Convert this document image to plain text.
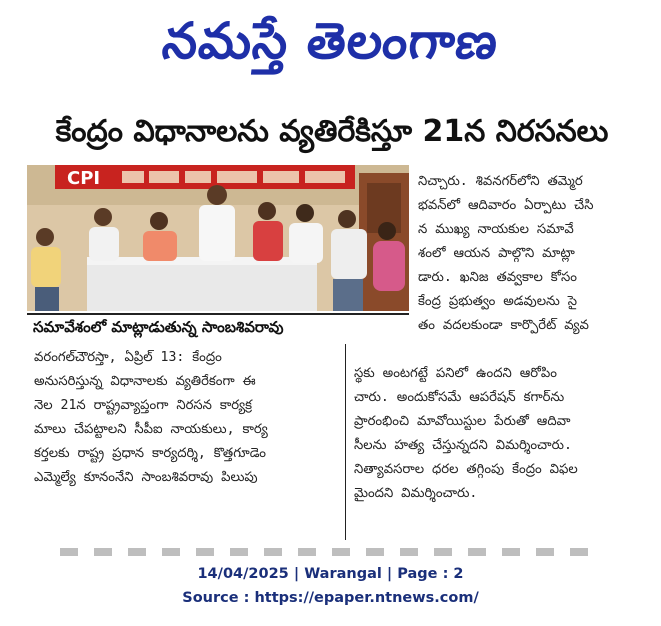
నమస్తే తెలంగాణ
కేంద్రం విధానాలను వ్యతిరేకిస్తూ 21న నిరసనలు
CPI
సమావేశంలో మాట్లాడుతున్న సాంబశివరావు
నిచ్చారు. శివనగర్‌లోని తమ్మెర
భవన్‌లో ఆదివారం ఏర్పాటు చేసి
న ముఖ్య నాయకుల సమావే
శంలో ఆయన పాల్గొని మాట్లా
డారు. ఖనిజ తవ్వకాల కోసం
కేంద్ర ప్రభుత్వం అడవులను సై
తం వదలకుండా కార్పొరేట్ వ్యవ
స్థకు అంటగట్టే పనిలో ఉందని ఆరోపిం
చారు. అందుకోసమే ఆపరేషన్ కగార్‌ను
ప్రారంభించి మావోయిస్టుల పేరుతో ఆదివా
సీలను హత్య చేస్తున్నదని విమర్శించారు.
నిత్యావసరాల ధరల తగ్గింపు కేంద్రం విఫల
మైందని విమర్శించారు.
వరంగల్‌చౌరస్తా, ఏప్రిల్ 13: కేంద్రం
అనుసరిస్తున్న విధానాలకు వ్యతిరేకంగా ఈ
నెల 21న రాష్ట్రవ్యాప్తంగా నిరసన కార్యక్ర
మాలు చేపట్టాలని సీపీఐ నాయకులు, కార్య
కర్తలకు రాష్ట్ర ప్రధాన కార్యదర్శి, కొత్తగూడెం
ఎమ్మెల్యే కూనంనేని సాంబశివరావు పిలుపు
14/04/2025 | Warangal | Page : 2
Source : https://epaper.ntnews.com/
